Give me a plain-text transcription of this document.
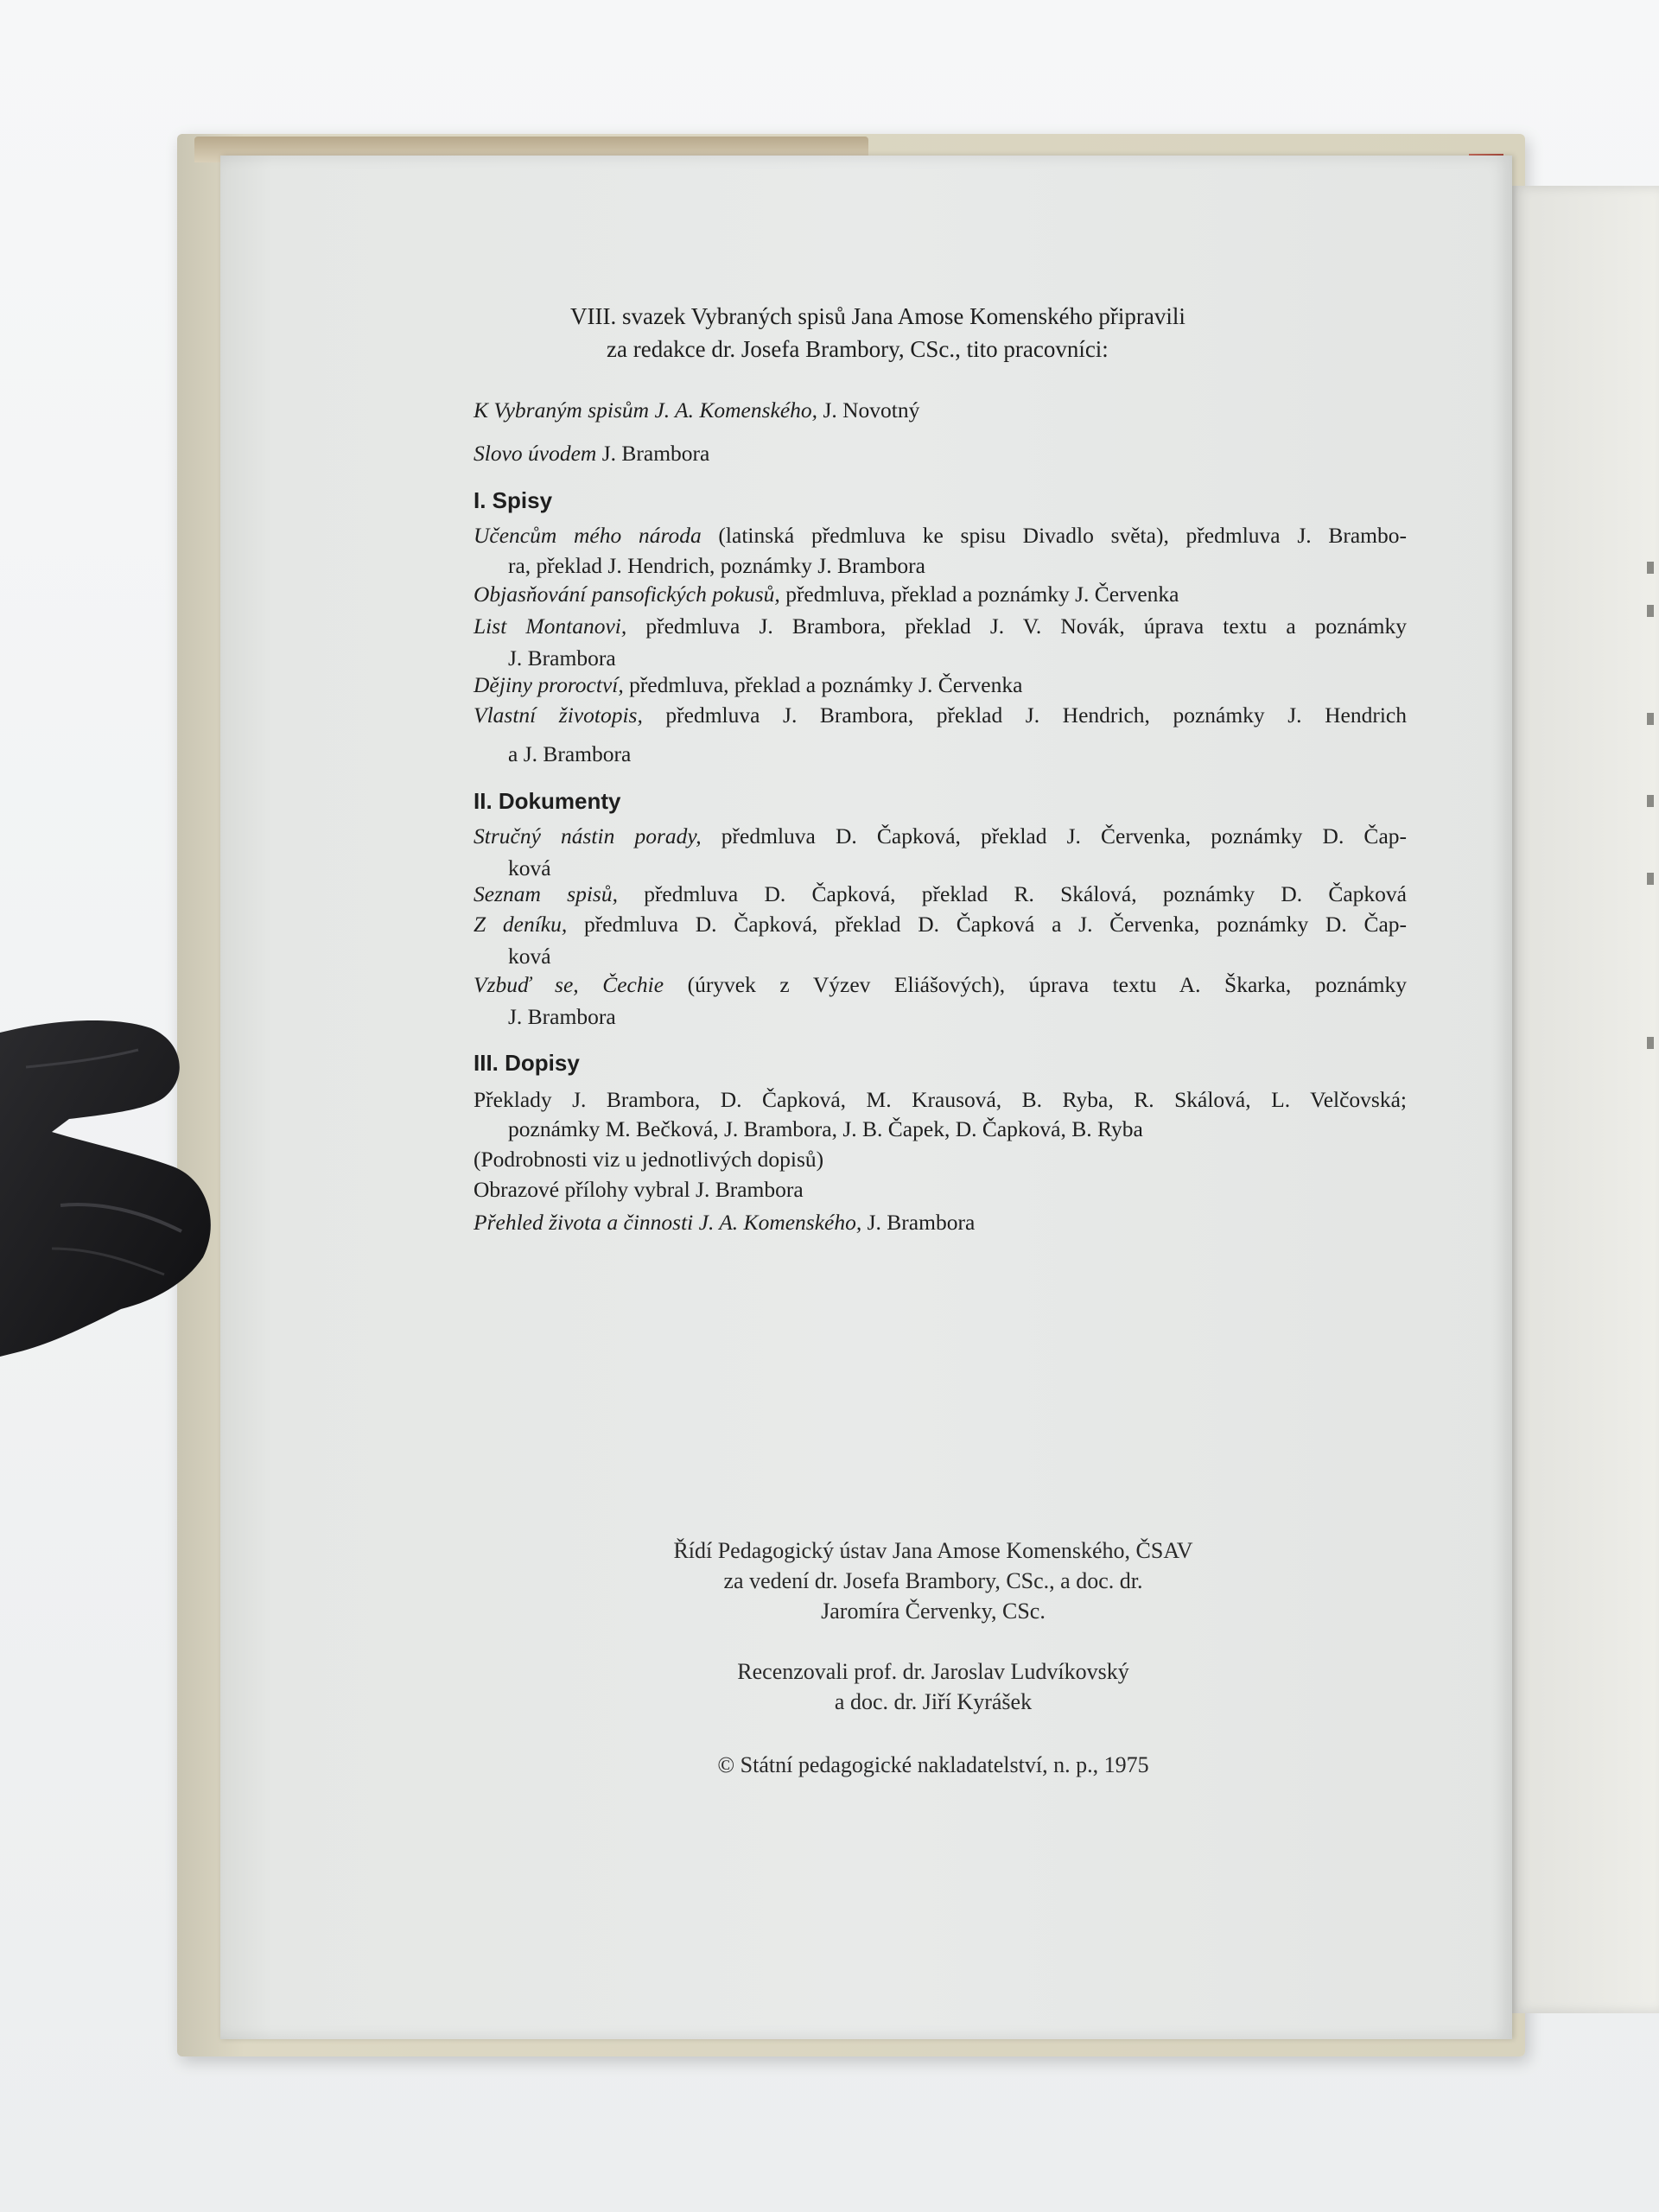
VIII. svazek Vybraných spisů Jana Amose Komenského připravili
za redakce dr. Josefa Brambory, CSc., tito pracovníci:
K Vybraným spisům J. A. Komenského, J. Novotný
Slovo úvodem J. Brambora
I. Spisy
Učencům mého národa (latinská předmluva ke spisu Divadlo světa), předmluva J. Brambo-
ra, překlad J. Hendrich, poznámky J. Brambora
Objasňování pansofických pokusů, předmluva, překlad a poznámky J. Červenka
List Montanovi, předmluva J. Brambora, překlad J. V. Novák, úprava textu a poznámky
J. Brambora
Dějiny proroctví, předmluva, překlad a poznámky J. Červenka
Vlastní životopis, předmluva J. Brambora, překlad J. Hendrich, poznámky J. Hendrich
a J. Brambora
II. Dokumenty
Stručný nástin porady, předmluva D. Čapková, překlad J. Červenka, poznámky D. Čap-
ková
Seznam spisů, předmluva D. Čapková, překlad R. Skálová, poznámky D. Čapková
Z deníku, předmluva D. Čapková, překlad D. Čapková a J. Červenka, poznámky D. Čap-
ková
Vzbuď se, Čechie (úryvek z Výzev Eliášových), úprava textu A. Škarka, poznámky
J. Brambora
III. Dopisy
Překlady J. Brambora, D. Čapková, M. Krausová, B. Ryba, R. Skálová, L. Velčovská;
poznámky M. Bečková, J. Brambora, J. B. Čapek, D. Čapková, B. Ryba
(Podrobnosti viz u jednotlivých dopisů)
Obrazové přílohy vybral J. Brambora
Přehled života a činnosti J. A. Komenského, J. Brambora
Řídí Pedagogický ústav Jana Amose Komenského, ČSAV
za vedení dr. Josefa Brambory, CSc., a doc. dr.
Jaromíra Červenky, CSc.
Recenzovali prof. dr. Jaroslav Ludvíkovský
a doc. dr. Jiří Kyrášek
© Státní pedagogické nakladatelství, n. p., 1975
